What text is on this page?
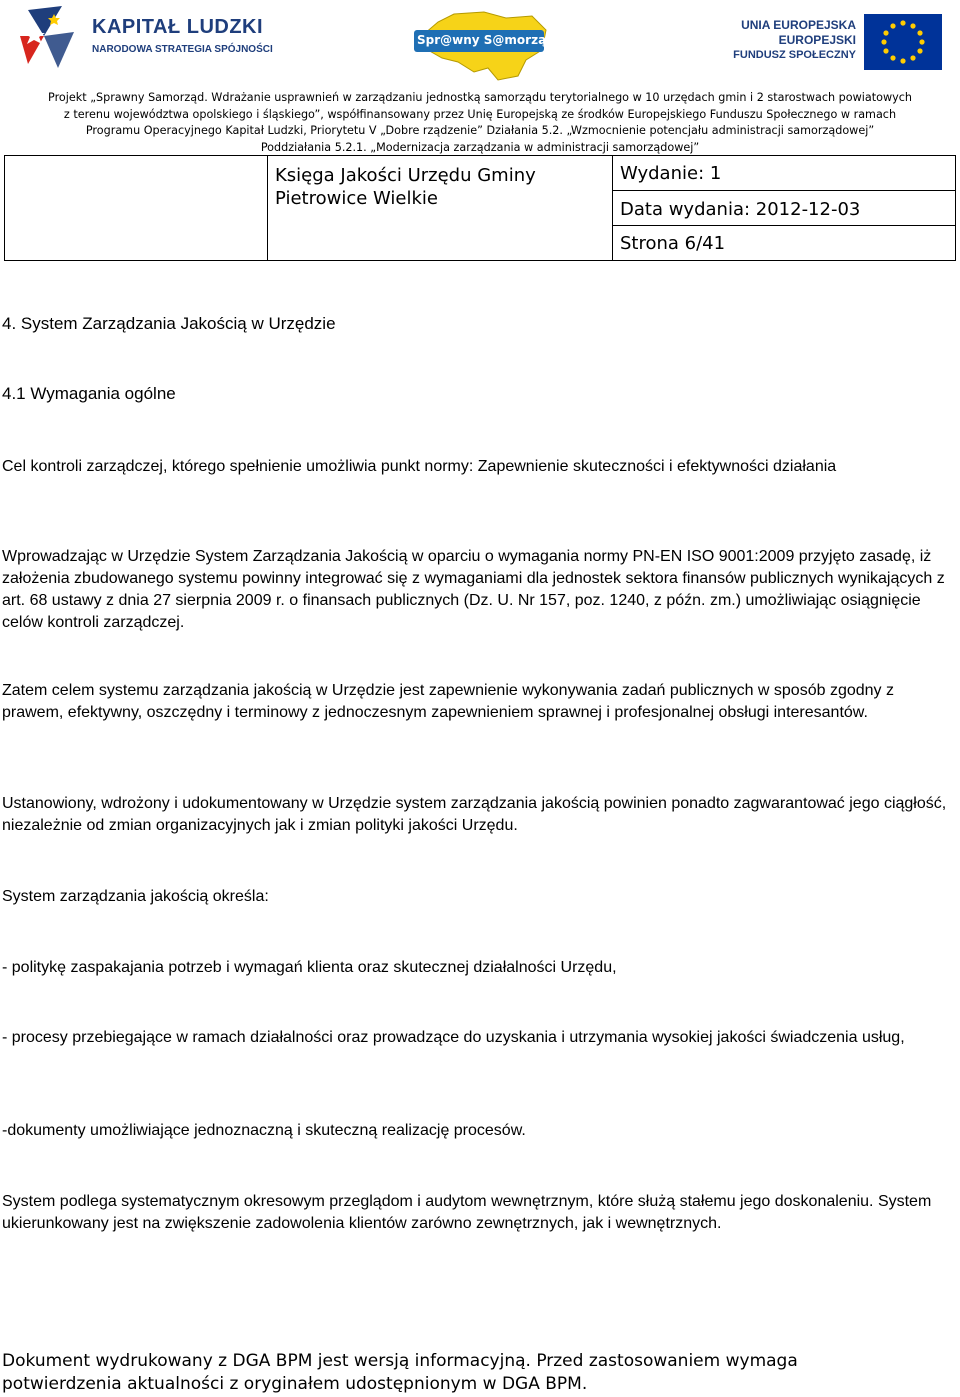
KAPITAŁ LUDZKI
NARODOWA STRATEGIA SPÓJNOŚCI
Spr@wny S@morząd
UNIA EUROPEJSKA
EUROPEJSKI
FUNDUSZ SPOŁECZNY
Projekt „Sprawny Samorząd. Wdrażanie usprawnień w zarządzaniu jednostką samorządu terytorialnego w 10 urzędach gmin i 2 starostwach powiatowych
z terenu województwa opolskiego i śląskiego”, współfinansowany przez Unię Europejską ze środków Europejskiego Funduszu Społecznego w ramach
Programu Operacyjnego Kapitał Ludzki, Priorytetu V „Dobre rządzenie” Działania 5.2. „Wzmocnienie potencjału administracji samorządowej”
Poddziałania 5.2.1. „Modernizacja zarządzania w administracji samorządowej”
Księga Jakości Urzędu Gminy Pietrowice Wielkie
Wydanie: 1
Data wydania: 2012-12-03
Strona 6/41
4. System Zarządzania Jakością w Urzędzie
4.1 Wymagania ogólne
Cel kontroli zarządczej, którego spełnienie umożliwia punkt normy: Zapewnienie skuteczności i efektywności działania
Wprowadzając w Urzędzie System Zarządzania Jakością w oparciu o wymagania normy PN-EN ISO 9001:2009 przyjęto zasadę, iż założenia zbudowanego systemu powinny integrować się z wymaganiami dla jednostek sektora finansów publicznych wynikających z art. 68 ustawy z dnia 27 sierpnia 2009 r. o finansach publicznych (Dz. U. Nr 157, poz. 1240, z późn. zm.) umożliwiając osiągnięcie celów kontroli zarządczej.
Zatem celem systemu zarządzania jakością w Urzędzie jest zapewnienie wykonywania zadań publicznych w sposób zgodny z prawem, efektywny, oszczędny i terminowy z jednoczesnym zapewnieniem sprawnej i profesjonalnej obsługi interesantów.
Ustanowiony, wdrożony i udokumentowany w Urzędzie system zarządzania jakością powinien ponadto zagwarantować jego ciągłość, niezależnie od zmian organizacyjnych jak i zmian polityki jakości Urzędu.
System zarządzania jakością określa:
- politykę zaspakajania potrzeb i wymagań klienta oraz skutecznej działalności Urzędu,
- procesy przebiegające w ramach działalności oraz prowadzące do uzyskania i utrzymania wysokiej jakości świadczenia usług,
-dokumenty umożliwiające jednoznaczną i skuteczną realizację procesów.
System podlega systematycznym okresowym przeglądom i audytom wewnętrznym, które służą stałemu jego doskonaleniu. System ukierunkowany jest na zwiększenie zadowolenia klientów zarówno zewnętrznych, jak i wewnętrznych.
Dokument wydrukowany z DGA BPM jest wersją informacyjną. Przed zastosowaniem wymaga
potwierdzenia aktualności z oryginałem udostępnionym w DGA BPM.
